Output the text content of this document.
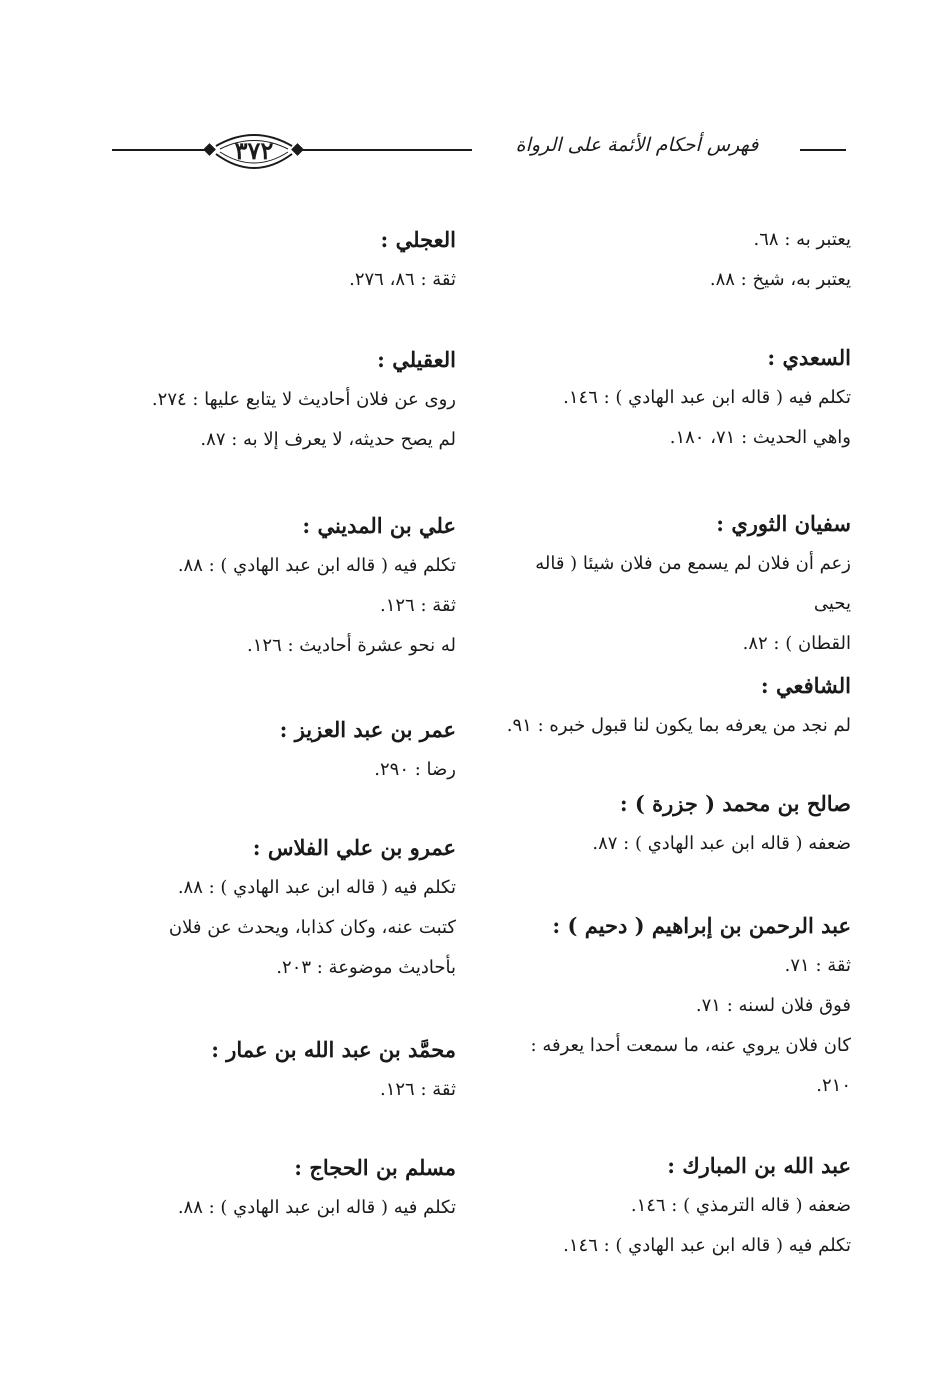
٣٧٢	فهرس أحكام الأئمة على الرواة
يعتبر به : ٦٨.
يعتبر به، شيخ : ٨٨.
السعدي :
تكلم فيه ( قاله ابن عبد الهادي ) : ١٤٦.
واهي الحديث : ٧١، ١٨٠.
سفيان الثوري :
زعم أن فلان لم يسمع من فلان شيئا ( قاله يحيى
القطان ) : ٨٢.
الشافعي :
لم نجد من يعرفه بما يكون لنا قبول خبره : ٩١.
صالح بن محمد ( جزرة ) :
ضعفه ( قاله ابن عبد الهادي ) : ٨٧.
عبد الرحمن بن إبراهيم ( دحيم ) :
ثقة : ٧١.
فوق فلان لسنه : ٧١.
كان فلان يروي عنه، ما سمعت أحدا يعرفه :
٢١٠.
عبد الله بن المبارك :
ضعفه ( قاله الترمذي ) : ١٤٦.
تكلم فيه ( قاله ابن عبد الهادي ) : ١٤٦.
العجلي :
ثقة : ٨٦، ٢٧٦.
العقيلي :
روى عن فلان أحاديث لا يتابع عليها : ٢٧٤.
لم يصح حديثه، لا يعرف إلا به : ٨٧.
علي بن المديني :
تكلم فيه ( قاله ابن عبد الهادي ) : ٨٨.
ثقة : ١٢٦.
له نحو عشرة أحاديث : ١٢٦.
عمر بن عبد العزيز :
رضا : ٢٩٠.
عمرو بن علي الفلاس :
تكلم فيه ( قاله ابن عبد الهادي ) : ٨٨.
كتبت عنه، وكان كذابا، ويحدث عن فلان
بأحاديث موضوعة : ٢٠٣.
محمَّد بن عبد الله بن عمار :
ثقة : ١٢٦.
مسلم بن الحجاج :
تكلم فيه ( قاله ابن عبد الهادي ) : ٨٨.
